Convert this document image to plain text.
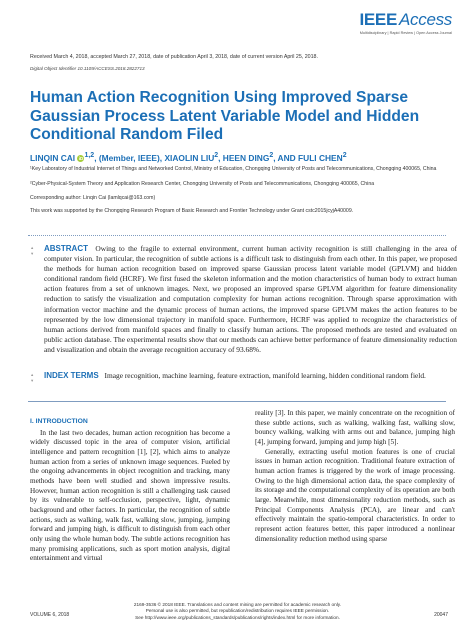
IEEE Access
Multidisciplinary | Rapid Review | Open Access Journal
Received March 4, 2018, accepted March 27, 2018, date of publication April 3, 2018, date of current version April 25, 2018.
Digital Object Identifier 10.1109/ACCESS.2018.2822713
Human Action Recognition Using Improved Sparse Gaussian Process Latent Variable Model and Hidden Conditional Random Filed
LINQIN CAI iD$^{1,2}$, (Member, IEEE), XIAOLIN LIU$^2$, HEEN DING$^2$, AND FULI CHEN$^2$
¹Key Laboratory of Industrial Internet of Things and Networked Control, Ministry of Education, Chongqing University of Posts and Telecommunications, Chongqing 400065, China
²Cyber-Physical-System Theory and Application Research Center, Chongqing University of Posts and Telecommunications, Chongqing 400065, China
Corresponding author: Linqin Cai (lamlqcai@163.com)
This work was supported by the Chongqing Research Program of Basic Research and Frontier Technology under Grant cstc2015jcyjA40009.
▴
▾ ABSTRACT Owing to the fragile to external environment, current human activity recognition is still challenging in the area of computer vision. In particular, the recognition of subtle actions is a difficult task to distinguish from each other. In this paper, we proposed the methods for human action recognition based on improved sparse Gaussian process latent variable model (GPLVM) and hidden conditional random field (HCRF). We first fused the skeleton information and the motion characteristics of human body to extract human action features from a set of unknown images. Next, we proposed an improved sparse GPLVM algorithm for feature dimensionality reduction to satisfy the visualization and computation complexity for human actions recognition. Through sparse approximation with information vector machine and the dynamic process of human actions, the improved sparse GPLVM makes the action features to be represented by the low dimensional trajectory in manifold space. Furthermore, HCRF was applied to recognize the characteristics of human actions derived from manifold spaces and finally to classify human actions. The proposed methods are tested and evaluated on public action database. The experimental results show that our methods can achieve better performance of feature dimensionality reduction and visualization and obtain the average recognition accuracy of 93.68%.
▴
▾ INDEX TERMS Image recognition, machine learning, feature extraction, manifold learning, hidden conditional random field.
I. INTRODUCTION

In the last two decades, human action recognition has become a widely discussed topic in the area of computer vision, artificial intelligence and pattern recognition [1], [2], which aims to analyze human action from a series of unknown image sequences. Fueled by the ongoing advancements in object recognition and tracking, many methods have been well studied and shown impressive results. However, human action recognition is still a challenging task caused by its vulnerable to self-occlusion, perspective, light, dynamic background and other factors. In particular, the recognition of subtle actions, such as walking, walk fast, walking slow, jumping, jumping forward and jumping high, is difficult to distinguish from each other only using the whole human body. The subtle actions recognition has many promising applications, such as sport motion analysis, digital entertainment and virtual

reality [3]. In this paper, we mainly concentrate on the recognition of these subtle actions, such as walking, walking fast, walking slow, bouncy walking, walking with arms out and balance, jumping high [4], jumping forward, jumping and jump high [5].

Generally, extracting useful motion features is one of crucial issues in human action recognition. Traditional feature extraction of human action frames is triggered by the work of image processing. Owing to the high dimensional action data, the space complexity of its storage and the computational complexity of its operation are both large. Meanwhile, most dimensionality reduction methods, such as Principal Components Analysis (PCA), are linear and can't effectively maintain the spatio-temporal characteristics. In order to represent action features better, this paper introduced a nonlinear dimensionality reduction method using sparse

2169-3536 © 2018 IEEE. Translations and content mining are permitted for academic research only.
Personal use is also permitted, but republication/redistribution requires IEEE permission.
See http://www.ieee.org/publications_standards/publications/rights/index.html for more information.
VOLUME 6, 2018	20047
